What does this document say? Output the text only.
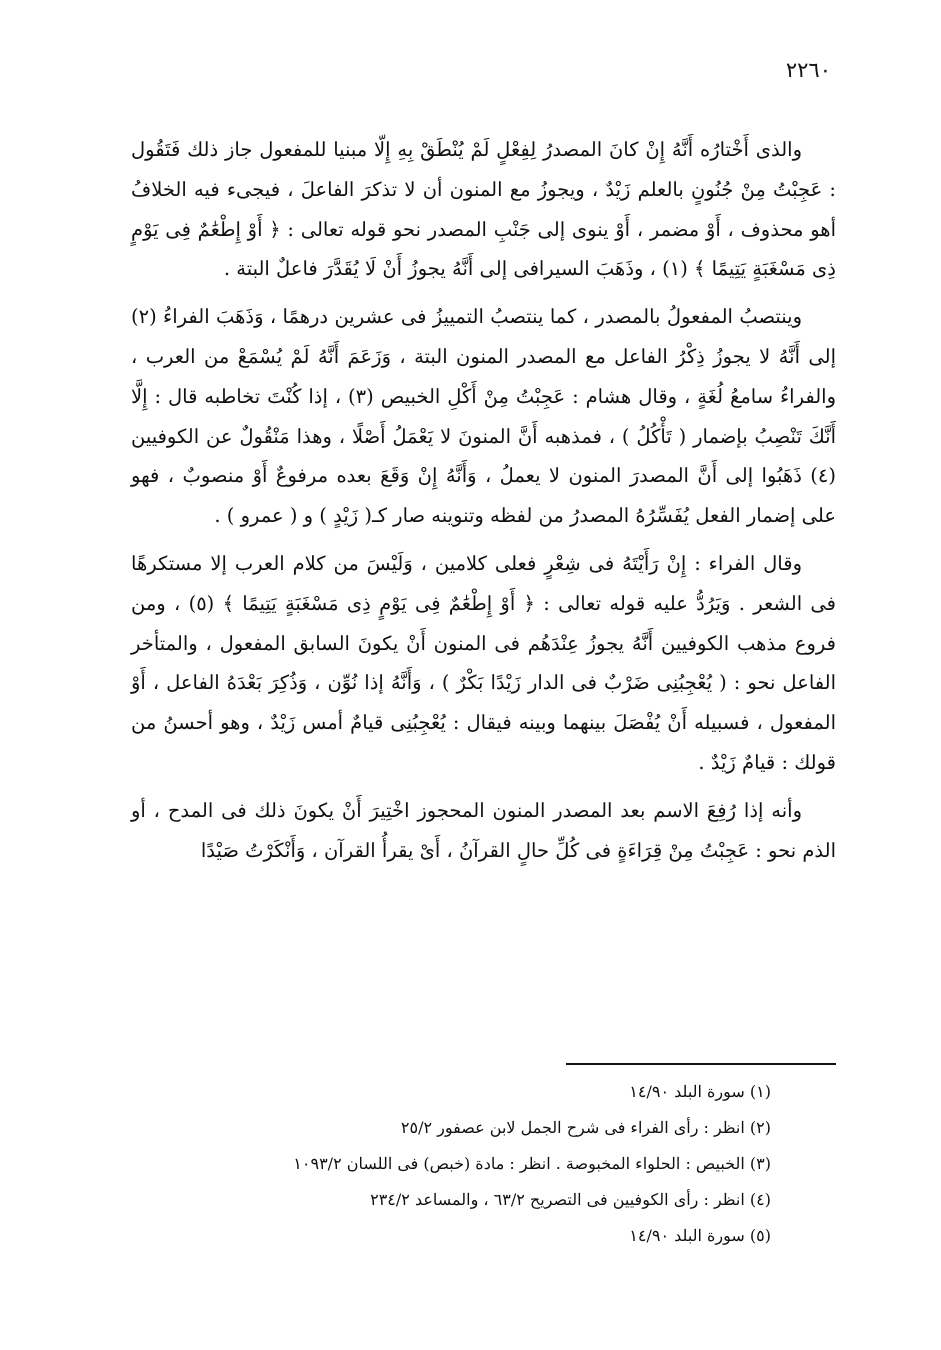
٢٢٦٠

والذى أَخْتارُه أَنَّهُ إِنْ كانَ المصدرُ لِفِعْلٍ لَمْ يُنْطَقْ بِهِ إِلّا مبنيا للمفعول جاز ذلك فَتَقُول : عَجِبْتُ مِنْ جُنُونٍ بالعلم زَيْدٌ ، ويجوزُ مع المنون أن لا تذكرَ الفاعلَ ، فيجىء فيه الخلافُ أهو محذوف ، أَوْ مضمر ، أَوْ ينوى إلى جَنْبِ المصدر نحو قوله تعالى : ﴿ أَوْ إِطْعَٰمٌ فِى يَوْمٍ ذِى مَسْغَبَةٍ يَتِيمًا ﴾ (١) ، وذَهَبَ السيرافى إلى أَنَّهُ يجوزُ أَنْ لَا يُقَدَّرَ فاعلٌ البتة .

وينتصبُ المفعولُ بالمصدر ، كما ينتصبُ التمييزُ فى عشرين درهمًا ، وَذَهَبَ الفراءُ (٢) إلى أَنَّهُ لا يجوزُ ذِكْرُ الفاعل مع المصدر المنون البتة ، وَزَعَمَ أَنَّهُ لَمْ يُسْمَعْ من العرب ، والفراءُ سامعُ لُغَةٍ ، وقال هشام : عَجِبْتُ مِنْ أَكْلِ الخبيص (٣) ، إذا كُنْتَ تخاطبه قال : إِلَّا أَنَّكَ تَنْصِبُ بإضمار ( تَأْكُلُ ) ، فمذهبه أَنَّ المنونَ لا يَعْمَلُ أَصْلًا ، وهذا مَنْقُولٌ عن الكوفيين (٤) ذَهَبُوا إلى أَنَّ المصدرَ المنون لا يعملُ ، وَأَنَّهُ إِنْ وَقَعَ بعده مرفوعٌ أَوْ منصوبٌ ، فهو على إضمار الفعل يُفَسِّرُهُ المصدرُ من لفظه وتنوينه صار كـ( زَيْدٍ ) و ( عمرو ) .

وقال الفراء : إِنْ رَأَيْتَهُ فى شِعْرٍ فعلى كلامين ، وَلَيْسَ من كلام العرب إلا مستكرهًا فى الشعر . وَيَرُدُّ عليه قوله تعالى : ﴿ أَوْ إِطْعَٰمٌ فِى يَوْمٍ ذِى مَسْغَبَةٍ يَتِيمًا ﴾ (٥) ، ومن فروع مذهب الكوفيين أَنَّهُ يجوزُ عِنْدَهُم فى المنون أَنْ يكونَ السابق المفعول ، والمتأخر الفاعل نحو : ( يُعْجِبُنِى ضَرْبٌ فى الدار زَيْدًا بَكْرٌ ) ، وَأَنَّهُ إذا نُوِّن ، وَذُكِرَ بَعْدَهُ الفاعل ، أَوْ المفعول ، فسبيله أَنْ يُفْصَلَ بينهما وبينه فيقال : يُعْجِبُنِى قيامٌ أمس زَيْدٌ ، وهو أحسنُ من قولك : قيامٌ زَيْدٌ .

وأنه إذا رُفِعَ الاسم بعد المصدر المنون المحجوز اخْتِيرَ أَنْ يكونَ ذلك فى المدح ، أو الذم نحو : عَجِبْتُ مِنْ قِرَاءَةٍ فى كُلِّ حالٍ القرآنُ ، أَىْ يقرأُ القرآن ، وَأَنْكَرْتُ صَيْدًا

(١) سورة البلد ١٤/٩٠
(٢) انظر : رأى الفراء فى شرح الجمل لابن عصفور ٢٥/٢
(٣) الخبيص : الحلواء المخبوصة . انظر : مادة (خبص) فى اللسان ١٠٩٣/٢
(٤) انظر : رأى الكوفيين فى التصريح ٦٣/٢ ، والمساعد ٢٣٤/٢
(٥) سورة البلد ١٤/٩٠
